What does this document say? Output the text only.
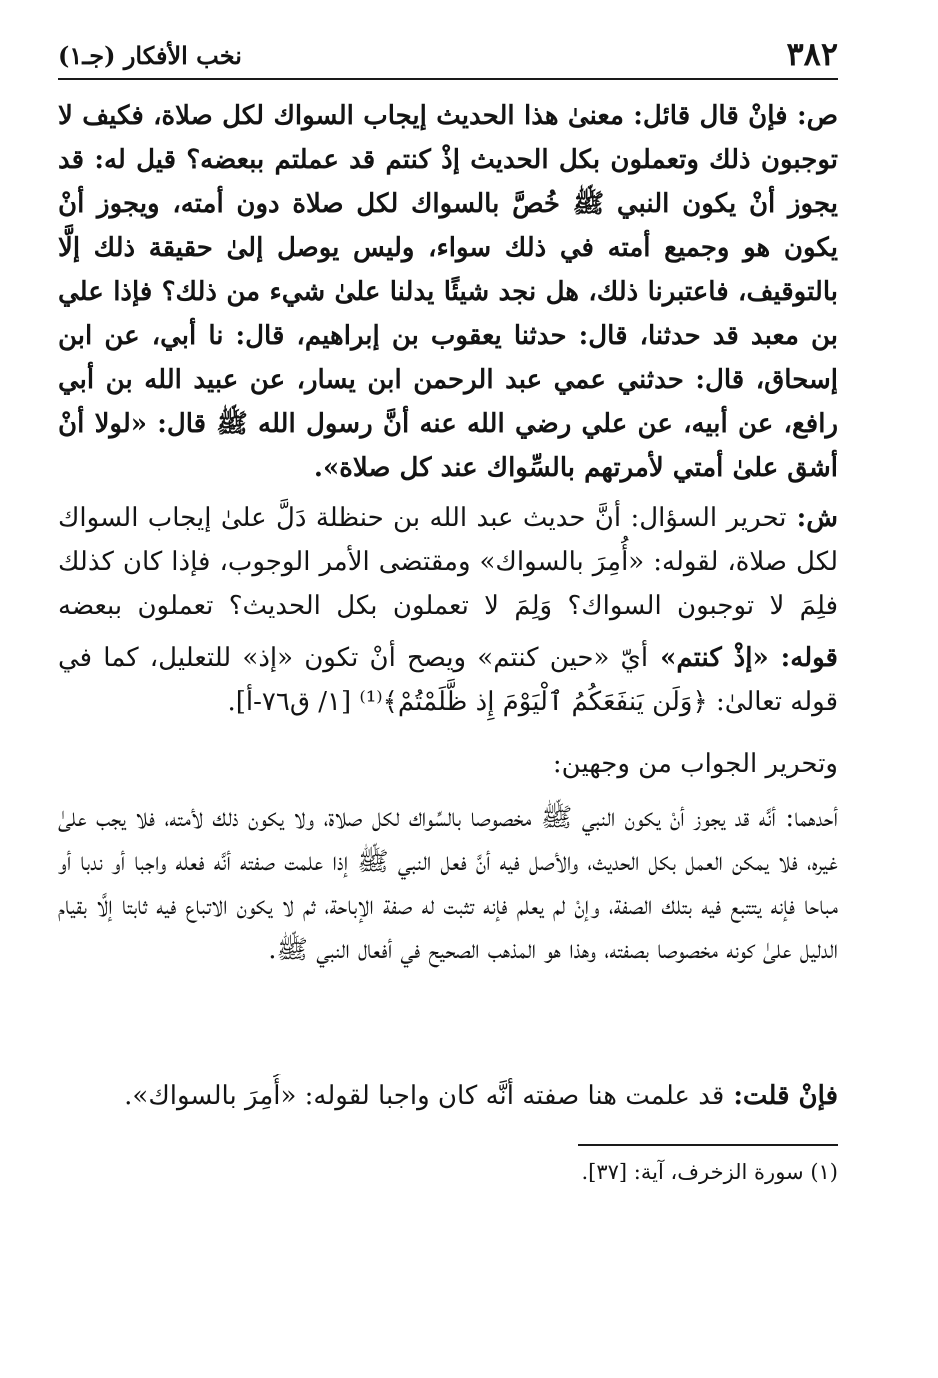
٣٨٢
نخب الأفكار (جـ١)

ص: فإنْ قال قائل: معنىٰ هذا الحديث إيجاب السواك لكل صلاة، فكيف لا توجبون ذلك وتعملون بكل الحديث إذْ كنتم قد عملتم ببعضه؟ قيل له: قد يجوز أنْ يكون النبي ﷺ خُصَّ بالسواك لكل صلاة دون أمته، ويجوز أنْ يكون هو وجميع أمته في ذلك سواء، وليس يوصل إلىٰ حقيقة ذلك إلَّا بالتوقيف، فاعتبرنا ذلك، هل نجد شيئًا يدلنا علىٰ شيء من ذلك؟ فإذا علي بن معبد قد حدثنا، قال: حدثنا يعقوب بن إبراهيم، قال: نا أبي، عن ابن إسحاق، قال: حدثني عمي عبد الرحمن ابن يسار، عن عبيد الله بن أبي رافع، عن أبيه، عن علي رضي الله عنه أنَّ رسول الله ﷺ قال: «لولا أنْ أشق علىٰ أمتي لأمرتهم بالسِّواك عند كل صلاة».

ش: تحرير السؤال: أنَّ حديث عبد الله بن حنظلة دَلَّ علىٰ إيجاب السواك لكل صلاة، لقوله: «أُمِرَ بالسواك» ومقتضى الأمر الوجوب، فإذا كان كذلك فلِمَ لا توجبون السواك؟ وَلِمَ لا تعملون بكل الحديث؟ تعملون ببعضه

قوله: «إذْ كنتم» أيّ «حين كنتم» ويصح أنْ تكون «إذ» للتعليل، كما في قوله تعالىٰ: ﴿وَلَن يَنفَعَكُمُ ٱلْيَوْمَ إِذ ظَّلَمْتُمْ﴾⁽¹⁾ [١/ ق٧٦-أ].

وتحرير الجواب من وجهين:

أحدهما: أنَّه قد يجوز أنْ يكون النبي ﷺ مخصوصا بالسِّواك لكل صلاة، ولا يكون ذلك لأمته، فلا يجب علىٰ غيره، فلا يمكن العمل بكل الحديث، والأصل فيه أنَّ فعل النبي ﷺ إذا علمت صفته أنَّه فعله واجبا أو ندبا أو مباحا فإنه يتتبع فيه بتلك الصفة، وإنْ لم يعلم فإنه تثبت له صفة الإباحة، ثم لا يكون الاتباع فيه ثابتا إلَّا بقيام الدليل علىٰ كونه مخصوصا بصفته، وهذا هو المذهب الصحيح في أفعال النبي ﷺ.

فإنْ قلت: قد علمت هنا صفته أنَّه كان واجبا لقوله: «أُمِرَ بالسواك».

(١) سورة الزخرف، آية: [٣٧].
